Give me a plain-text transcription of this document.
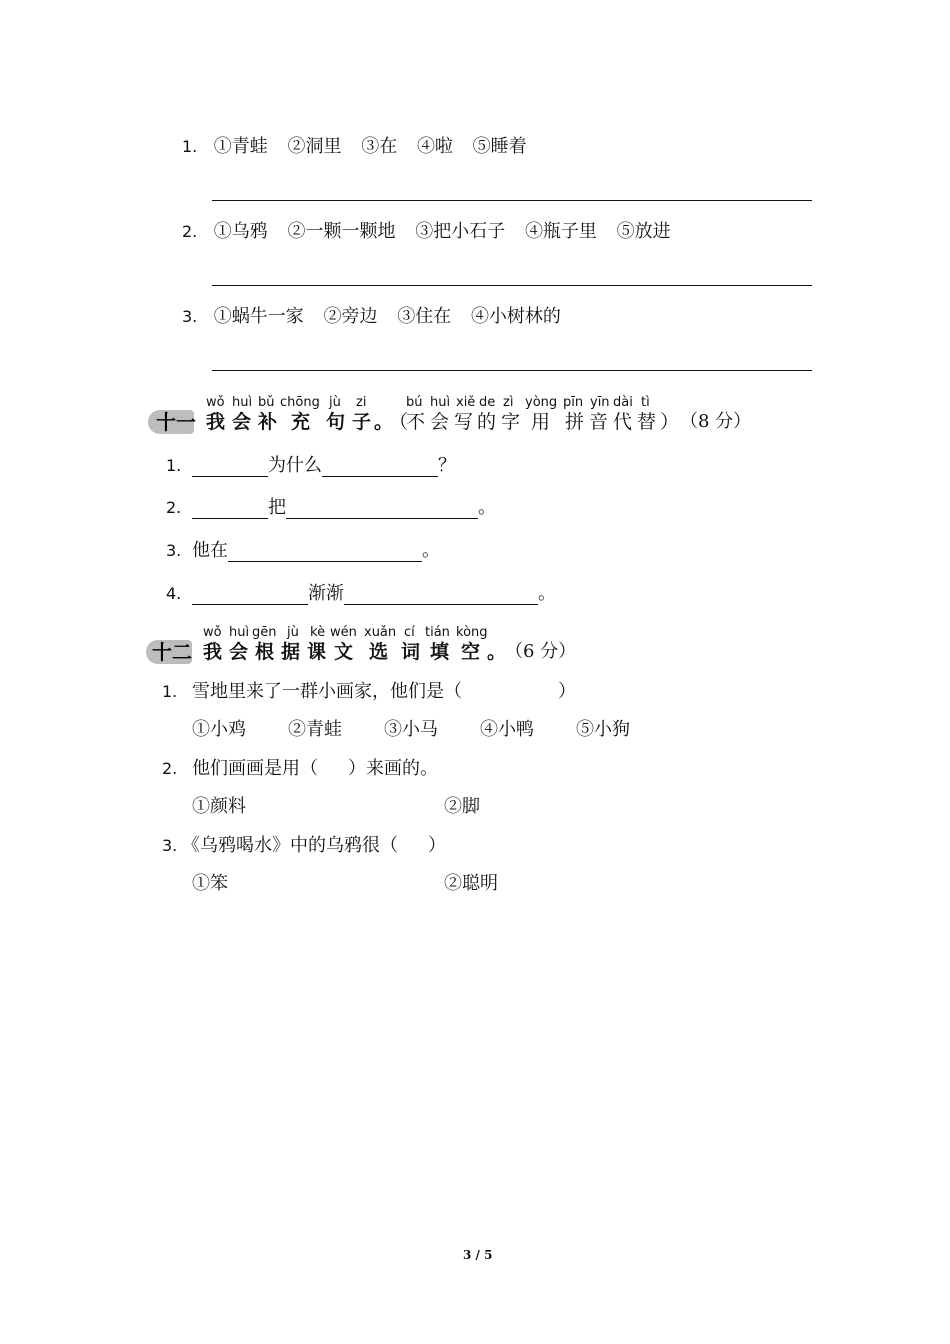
1. ①青蛙 ②洞里 ③在 ④啦 ⑤睡着
2. ①乌鸦 ②一颗一颗地 ③把小石子 ④瓶子里 ⑤放进
3. ①蜗牛一家 ②旁边 ③住在 ④小树林的
wǒ huì bǔ chōng jù zi	bú huì xiě de zì yòng pīn yīn dài tì
十一 我 会 补 充 句 子 。
（
不 会 写 的 字 用 拼 音 代 替 ） （8 分）
1.	为什么	？
2.	把	。
3. 他在	。
4.	渐渐	。
wǒ huì gēn jù kè wén xuǎn cí tián kòng
十二 我 会 根 据 课 文 选 词 填 空 。
（6 分）
1. 雪地里来了一群小画家，他们是（	）
①小鸡 ②青蛙 ③小马 ④小鸭 ⑤小狗
2. 他们画画是用（ ）来画的。
①颜料	②脚
3. 《乌鸦喝水》中的乌鸦很（ ）
①笨	②聪明
3 / 5
